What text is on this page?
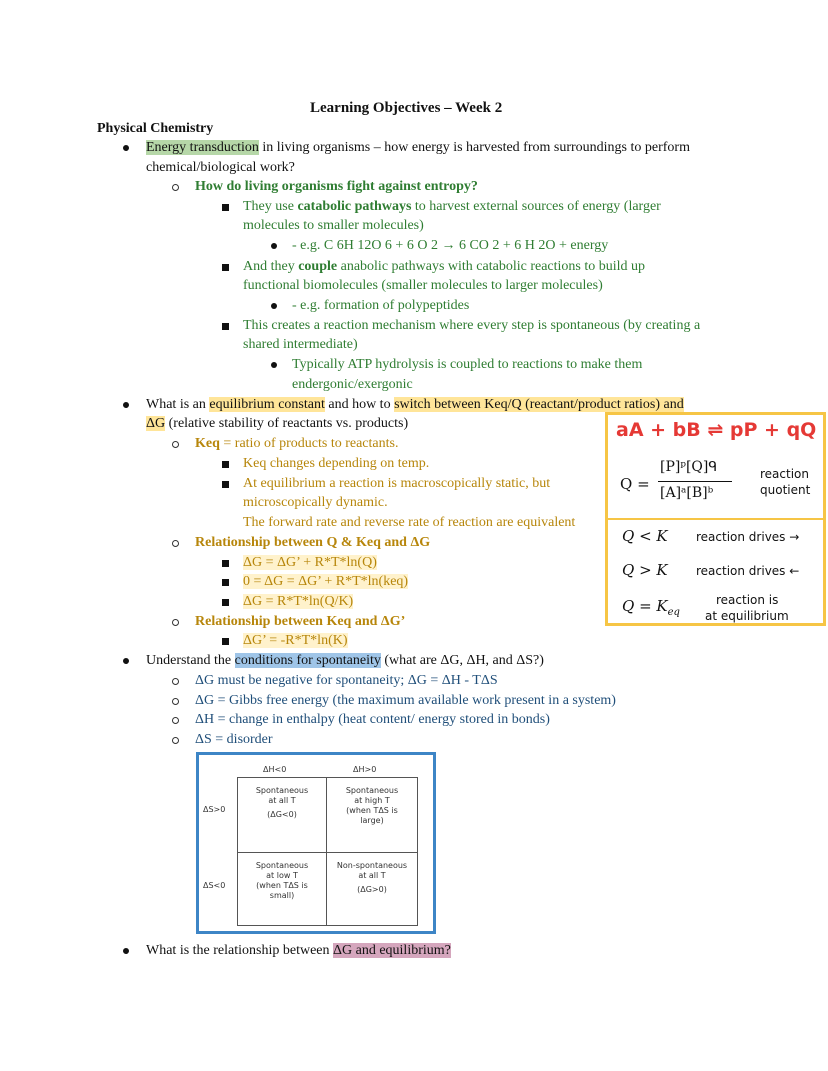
Learning Objectives – Week 2
Physical Chemistry
Energy transduction in living organisms – how energy is harvested from surroundings to perform
chemical/biological work?
How do living organisms fight against entropy?
They use catabolic pathways to harvest external sources of energy (larger
molecules to smaller molecules)
- e.g. C 6H 12O 6 + 6 O 2 → 6 CO 2 + 6 H 2O + energy
And they couple anabolic pathways with catabolic reactions to build up
functional biomolecules (smaller molecules to larger molecules)
- e.g. formation of polypeptides
This creates a reaction mechanism where every step is spontaneous (by creating a
shared intermediate)
Typically ATP hydrolysis is coupled to reactions to make them
endergonic/exergonic
What is an equilibrium constant and how to switch between Keq/Q (reactant/product ratios) and
ΔG (relative stability of reactants vs. products)
Keq = ratio of products to reactants.
Keq changes depending on temp.
At equilibrium a reaction is macroscopically static, but
microscopically dynamic.
The forward rate and reverse rate of reaction are equivalent
Relationship between Q & Keq and ΔG
ΔG = ΔG’ + R*T*ln(Q)
0 = ΔG = ΔG’ + R*T*ln(keq)
ΔG = R*T*ln(Q/K)
Relationship between Keq and ΔG’
ΔG’ = -R*T*ln(K)
aA + bB ⇌ pP + qQ
Q =
[P]ᵖ[Q]ᑫ
[A]ᵃ[B]ᵇ
reaction
quotient
Q < K reaction drives →
Q > K reaction drives ←
$Q = K_{eq}$
reaction is
at equilibrium
Understand the conditions for spontaneity (what are ΔG, ΔH, and ΔS?)
ΔG must be negative for spontaneity; ΔG = ΔH - TΔS
ΔG = Gibbs free energy (the maximum available work present in a system)
ΔH = change in enthalpy (heat content/ energy stored in bonds)
ΔS = disorder
ΔH<0	ΔH>0
ΔS>0
ΔS<0
Spontaneous
at all T
(ΔG<0)
Spontaneous
at high T
(when TΔS is
large)
Spontaneous
at low T
(when TΔS is
small)
Non-spontaneous
at all T
(ΔG>0)
What is the relationship between ΔG and equilibrium?
